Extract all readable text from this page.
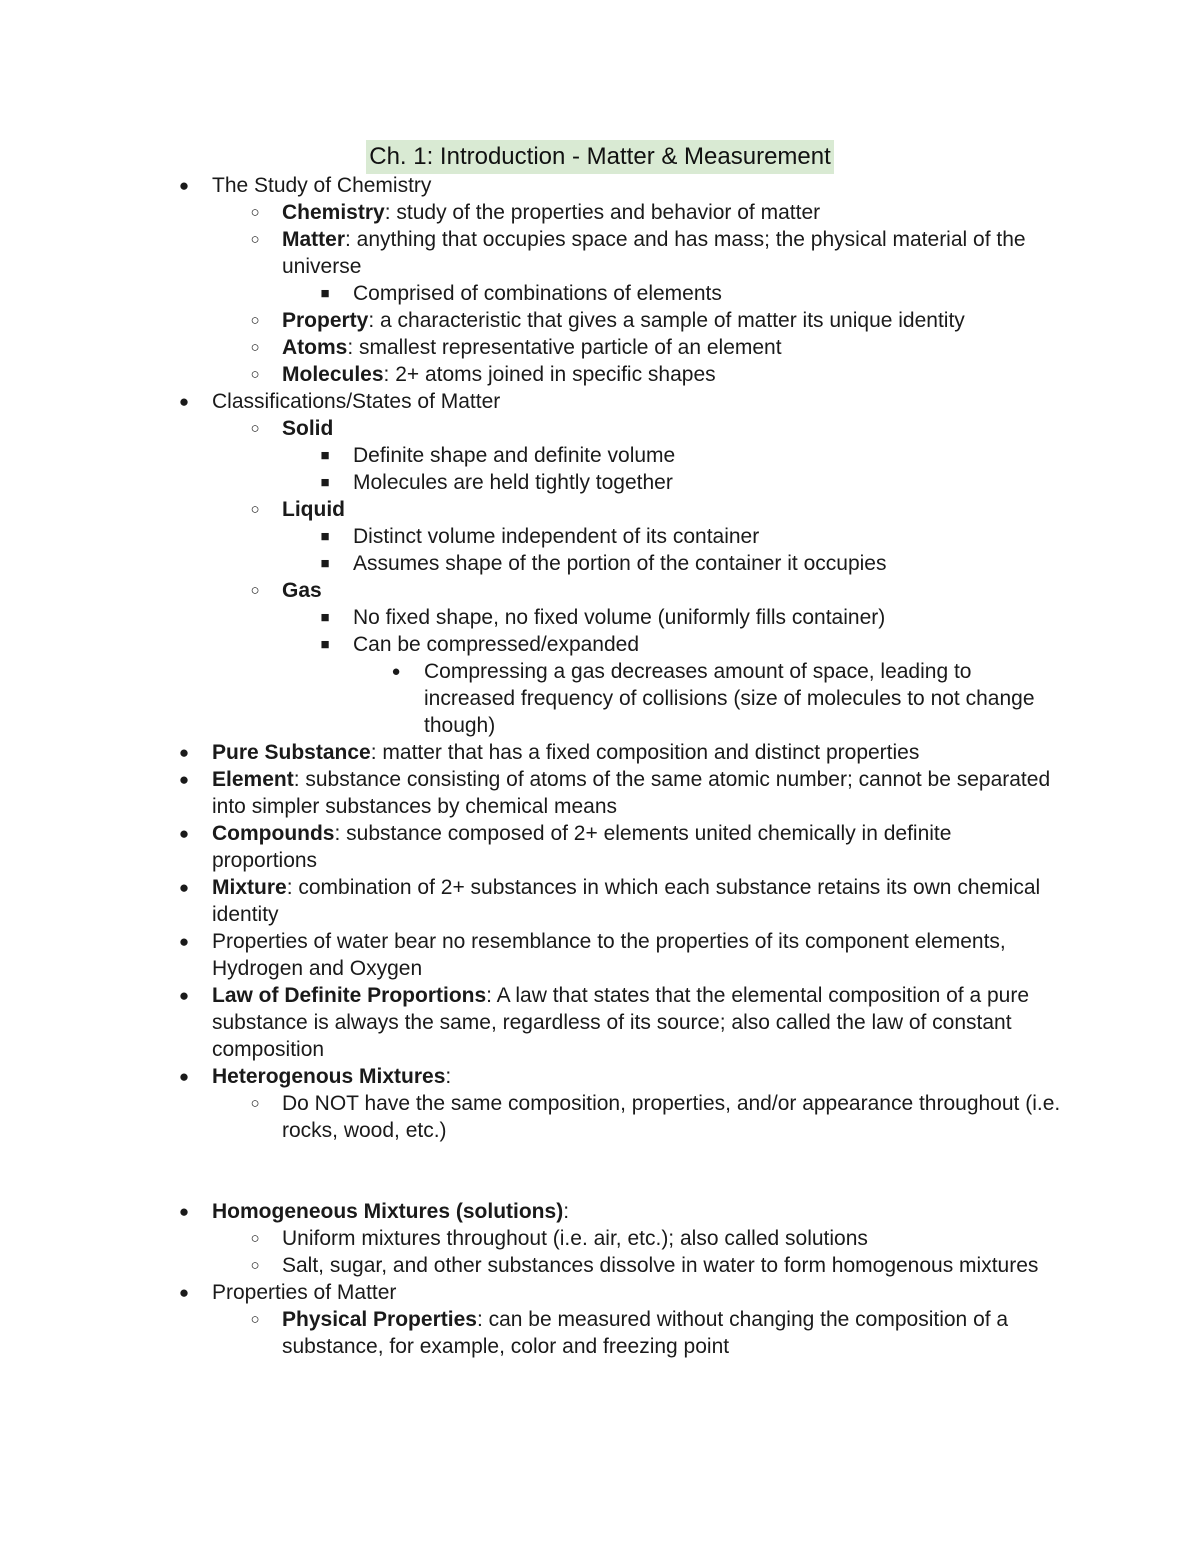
Ch. 1: Introduction - Matter & Measurement
● The Study of Chemistry
○ Chemistry: study of the properties and behavior of matter
○ Matter: anything that occupies space and has mass; the physical material of the universe
■ Comprised of combinations of elements
○ Property: a characteristic that gives a sample of matter its unique identity
○ Atoms: smallest representative particle of an element
○ Molecules: 2+ atoms joined in specific shapes
● Classifications/States of Matter
○ Solid
■ Definite shape and definite volume
■ Molecules are held tightly together
○ Liquid
■ Distinct volume independent of its container
■ Assumes shape of the portion of the container it occupies
○ Gas
■ No fixed shape, no fixed volume (uniformly fills container)
■ Can be compressed/expanded
● Compressing a gas decreases amount of space, leading to increased frequency of collisions (size of molecules to not change though)
● Pure Substance: matter that has a fixed composition and distinct properties
● Element: substance consisting of atoms of the same atomic number; cannot be separated into simpler substances by chemical means
● Compounds: substance composed of 2+ elements united chemically in definite proportions
● Mixture: combination of 2+ substances in which each substance retains its own chemical identity
● Properties of water bear no resemblance to the properties of its component elements, Hydrogen and Oxygen
● Law of Definite Proportions: A law that states that the elemental composition of a pure substance is always the same, regardless of its source; also called the law of constant composition
● Heterogenous Mixtures:
○ Do NOT have the same composition, properties, and/or appearance throughout (i.e. rocks, wood, etc.)
● Homogeneous Mixtures (solutions):
○ Uniform mixtures throughout (i.e. air, etc.); also called solutions
○ Salt, sugar, and other substances dissolve in water to form homogenous mixtures
● Properties of Matter
○ Physical Properties: can be measured without changing the composition of a substance, for example, color and freezing point
